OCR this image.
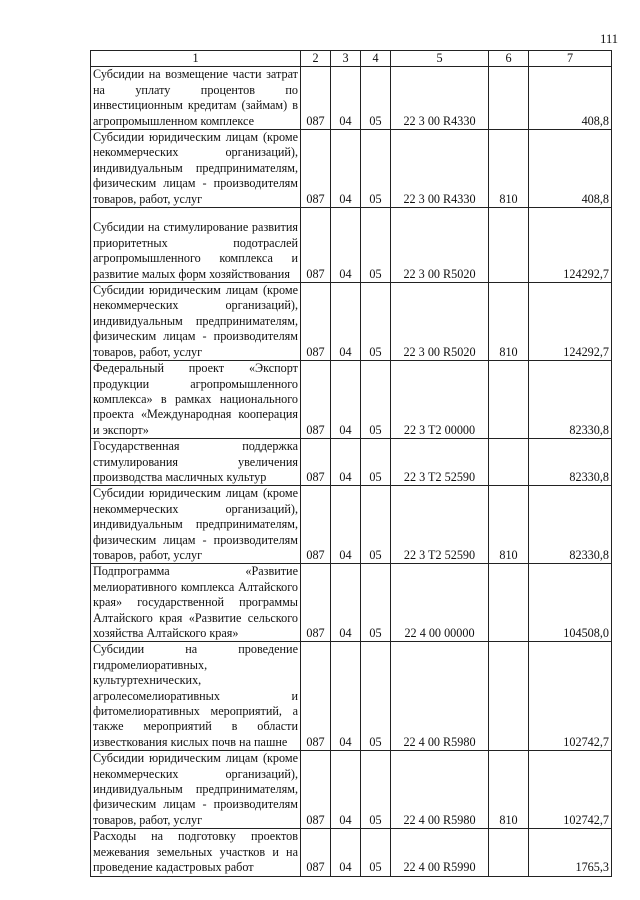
111
1	2	3	4	5	6	7
Субсидии на возмещение части затрат на уплату процентов по инвестиционным кредитам (займам) в агропромышленном комплексе	087	04	05	22 3 00 R4330		408,8
Субсидии юридическим лицам (кроме некоммерческих организаций), индивидуальным предпринимателям, физическим лицам - производителям товаров, работ, услуг	087	04	05	22 3 00 R4330	810	408,8
Субсидии на стимулирование развития приоритетных подотраслей агропромышленного комплекса и развитие малых форм хозяйствования	087	04	05	22 3 00 R5020		124292,7
Субсидии юридическим лицам (кроме некоммерческих организаций), индивидуальным предпринимателям, физическим лицам - производителям товаров, работ, услуг	087	04	05	22 3 00 R5020	810	124292,7
Федеральный проект «Экспорт продукции агропромышленного комплекса» в рамках национального проекта «Международная кооперация и экспорт»	087	04	05	22 3 T2 00000		82330,8
Государственная поддержка стимулирования увеличения производства масличных культур	087	04	05	22 3 T2 52590		82330,8
Субсидии юридическим лицам (кроме некоммерческих организаций), индивидуальным предпринимателям, физическим лицам - производителям товаров, работ, услуг	087	04	05	22 3 T2 52590	810	82330,8
Подпрограмма «Развитие мелиоративного комплекса Алтайского края» государственной программы Алтайского края «Развитие сельского хозяйства Алтайского края»	087	04	05	22 4 00 00000		104508,0
Субсидии на проведение гидромелиоративных, культуртехнических, агролесомелиоративных и фитомелиоративных мероприятий, а также мероприятий в области известкования кислых почв на пашне	087	04	05	22 4 00 R5980		102742,7
Субсидии юридическим лицам (кроме некоммерческих организаций), индивидуальным предпринимателям, физическим лицам - производителям товаров, работ, услуг	087	04	05	22 4 00 R5980	810	102742,7
Расходы на подготовку проектов межевания земельных участков и на проведение кадастровых работ	087	04	05	22 4 00 R5990		1765,3
